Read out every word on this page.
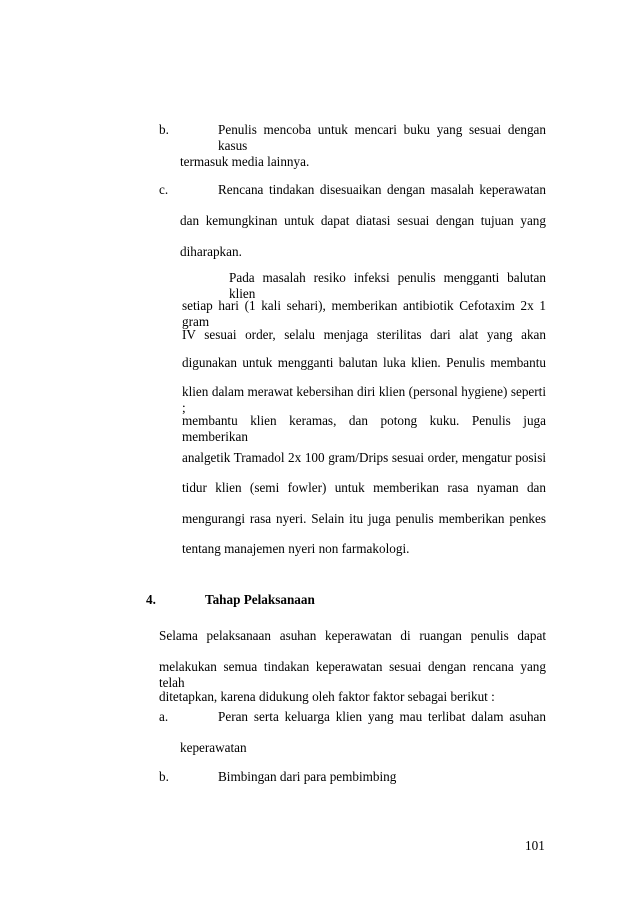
b.	Penulis mencoba untuk mencari buku yang sesuai dengan kasus
termasuk media lainnya.
c.	Rencana tindakan disesuaikan dengan masalah keperawatan
dan kemungkinan untuk dapat diatasi sesuai dengan tujuan yang
diharapkan.
Pada masalah resiko infeksi penulis mengganti balutan klien
setiap hari (1 kali sehari), memberikan antibiotik Cefotaxim 2x 1 gram
IV sesuai order, selalu menjaga sterilitas dari alat yang akan
digunakan untuk mengganti balutan luka klien. Penulis membantu
klien dalam merawat kebersihan diri klien (personal hygiene) seperti ;
membantu klien keramas, dan potong kuku. Penulis juga memberikan
analgetik Tramadol 2x 100 gram/Drips sesuai order, mengatur posisi
tidur klien (semi fowler) untuk memberikan rasa nyaman dan
mengurangi rasa nyeri. Selain itu juga penulis memberikan penkes
tentang manajemen nyeri non farmakologi.
4.	Tahap Pelaksanaan
Selama pelaksanaan asuhan keperawatan di ruangan penulis dapat
melakukan semua tindakan keperawatan sesuai dengan rencana yang telah
ditetapkan, karena didukung oleh faktor faktor sebagai berikut :
a.	Peran serta keluarga klien yang mau terlibat dalam asuhan
keperawatan
b.	Bimbingan dari para pembimbing
101
